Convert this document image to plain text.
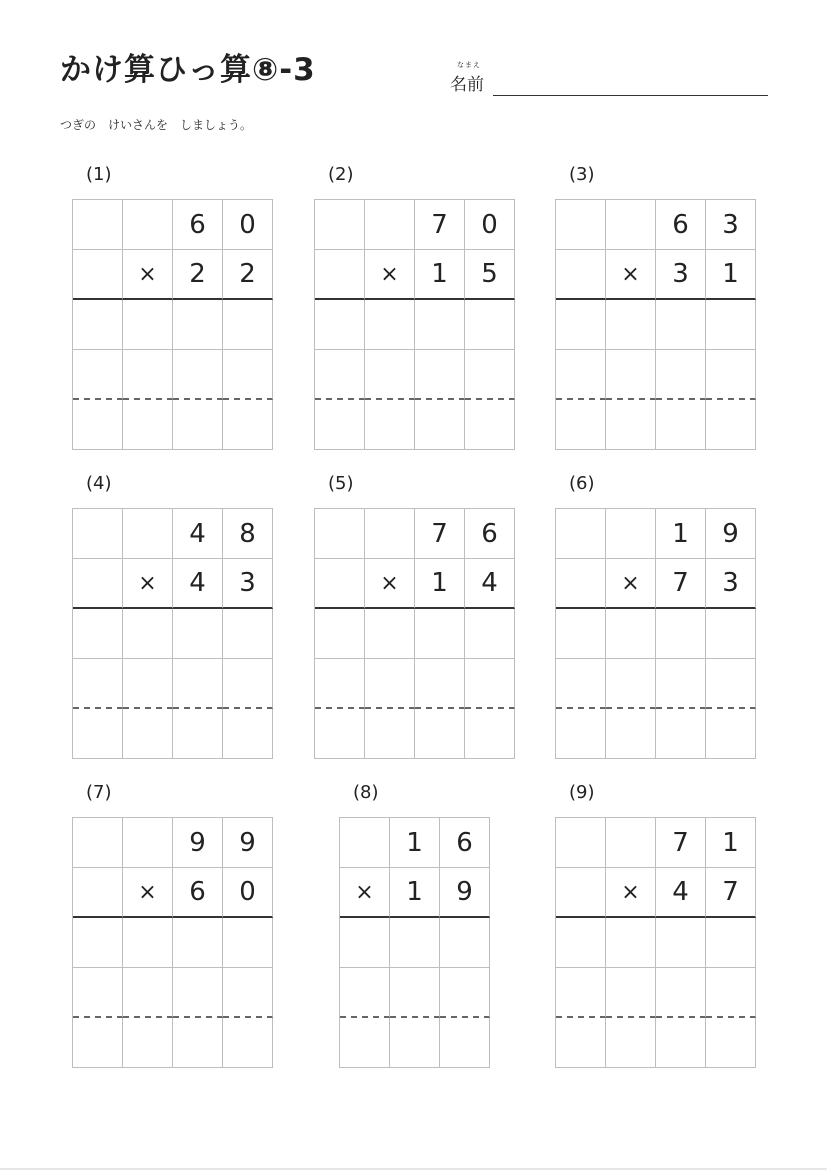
かけ算ひっ算⑧-3	なまえ
名前
つぎの　けいさんを　しましょう。
(1)
6	0
×	2	2
(2)
7	0
×	1	5
(3)
6	3
×	3	1
(4)
4	8
×	4	3
(5)
7	6
×	1	4
(6)
1	9
×	7	3
(7)
9	9
×	6	0
(8)
1	6
×	1	9
(9)
7	1
×	4	7
